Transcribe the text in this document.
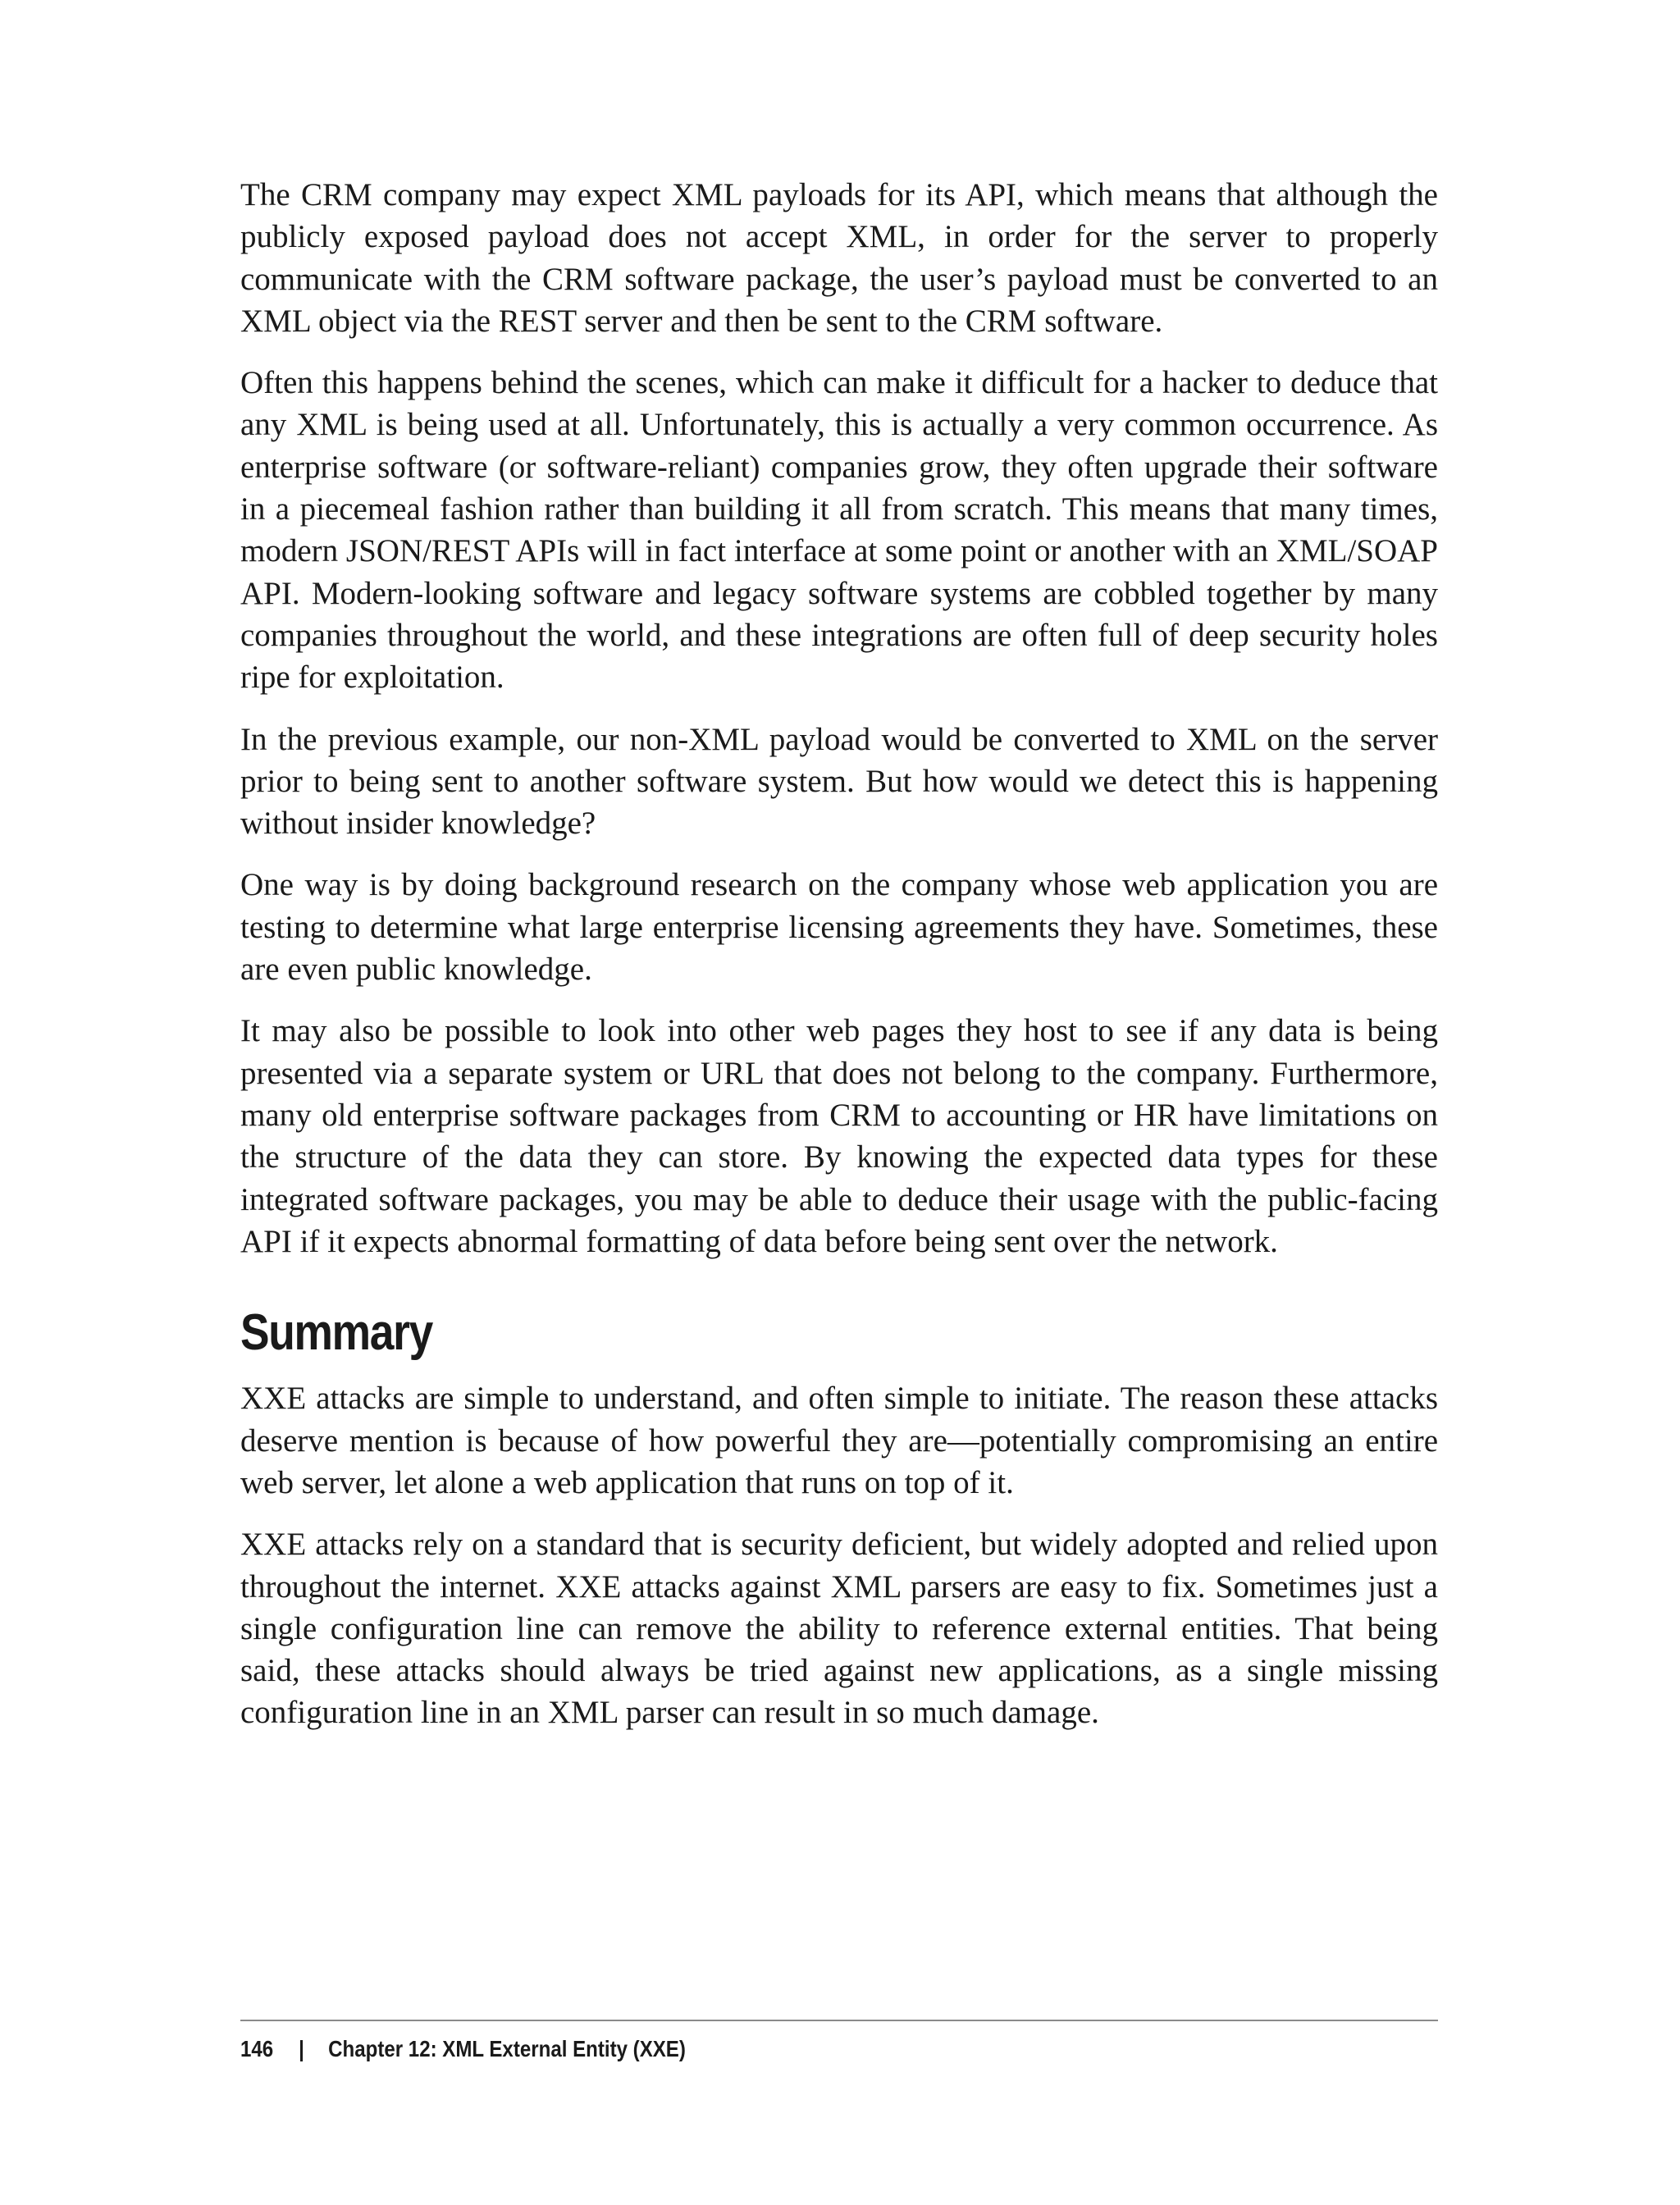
The CRM company may expect XML payloads for its API, which means that although the publicly exposed payload does not accept XML, in order for the server to properly communicate with the CRM software package, the user’s payload must be converted to an XML object via the REST server and then be sent to the CRM software.

Often this happens behind the scenes, which can make it difficult for a hacker to deduce that any XML is being used at all. Unfortunately, this is actually a very common occurrence. As enterprise software (or software-reliant) companies grow, they often upgrade their software in a piecemeal fashion rather than building it all from scratch. This means that many times, modern JSON/REST APIs will in fact interface at some point or another with an XML/SOAP API. Modern-looking software and legacy software systems are cobbled together by many companies throughout the world, and these integrations are often full of deep security holes ripe for exploitation.

In the previous example, our non-XML payload would be converted to XML on the server prior to being sent to another software system. But how would we detect this is happening without insider knowledge?

One way is by doing background research on the company whose web application you are testing to determine what large enterprise licensing agreements they have. Sometimes, these are even public knowledge.

It may also be possible to look into other web pages they host to see if any data is being presented via a separate system or URL that does not belong to the company. Furthermore, many old enterprise software packages from CRM to accounting or HR have limitations on the structure of the data they can store. By knowing the expected data types for these integrated software packages, you may be able to deduce their usage with the public-facing API if it expects abnormal formatting of data before being sent over the network.

Summary

XXE attacks are simple to understand, and often simple to initiate. The reason these attacks deserve mention is because of how powerful they are—potentially compromising an entire web server, let alone a web application that runs on top of it.

XXE attacks rely on a standard that is security deficient, but widely adopted and relied upon throughout the internet. XXE attacks against XML parsers are easy to fix. Sometimes just a single configuration line can remove the ability to reference external entities. That being said, these attacks should always be tried against new applications, as a single missing configuration line in an XML parser can result in so much damage.

146 | Chapter 12: XML External Entity (XXE)
